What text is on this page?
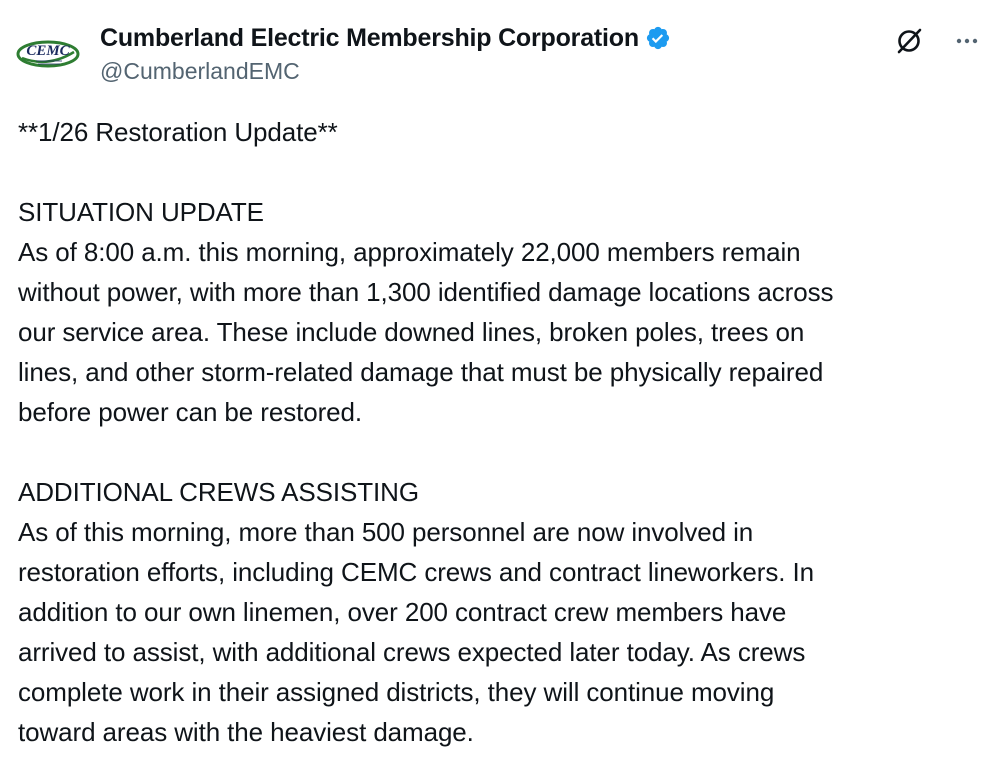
CEMC Cumberland Electric Membership Corporation
@CumberlandEMC

**1/26 Restoration Update**

SITUATION UPDATE

As of 8:00 a.m. this morning, approximately 22,000 members remain

without power, with more than 1,300 identified damage locations across

our service area. These include downed lines, broken poles, trees on

lines, and other storm-related damage that must be physically repaired

before power can be restored.

ADDITIONAL CREWS ASSISTING

As of this morning, more than 500 personnel are now involved in

restoration efforts, including CEMC crews and contract lineworkers. In

addition to our own linemen, over 200 contract crew members have

arrived to assist, with additional crews expected later today. As crews

complete work in their assigned districts, they will continue moving

toward areas with the heaviest damage.
